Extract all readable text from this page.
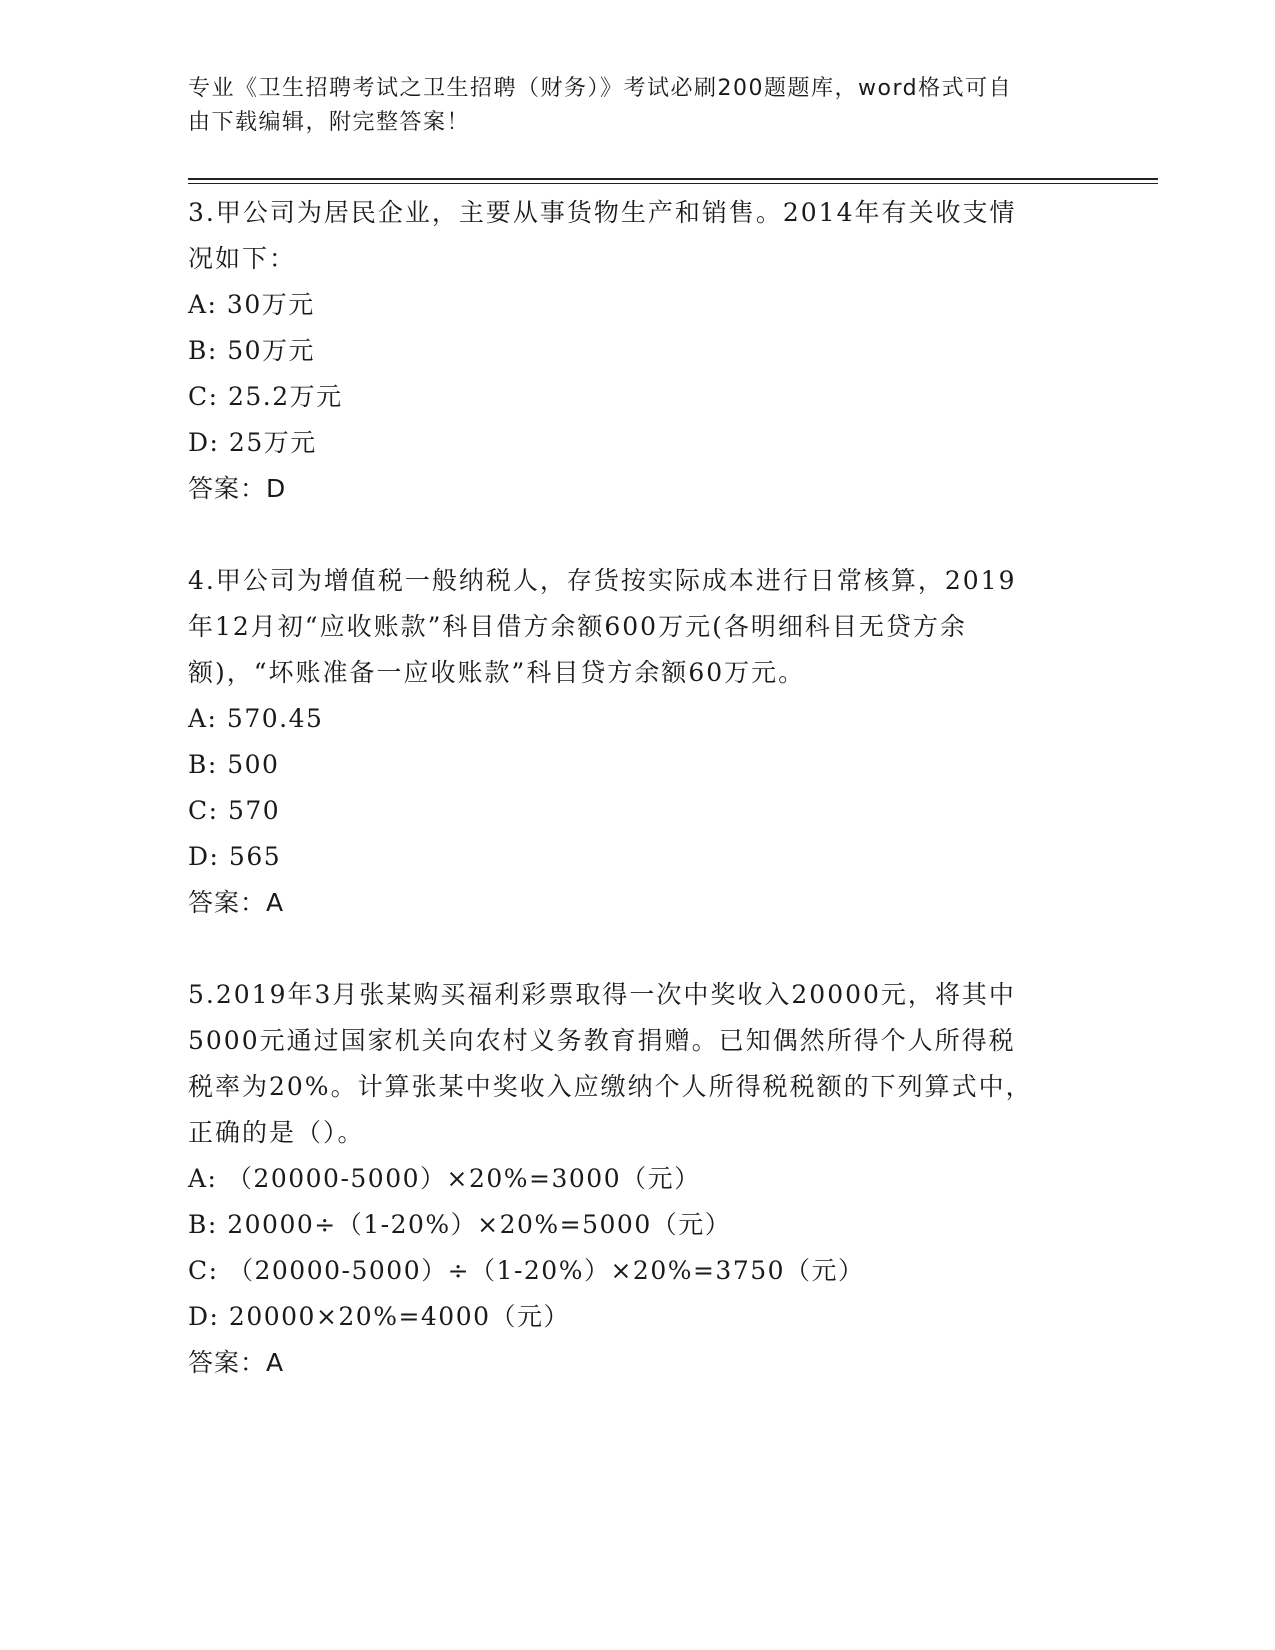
专业《卫生招聘考试之卫生招聘（财务）》考试必刷200题题库，word格式可自
由下载编辑，附完整答案！

3.甲公司为居民企业，主要从事货物生产和销售。2014年有关收支情

况如下：

A: 30万元

B: 50万元

C: 25.2万元

D: 25万元

答案：D

4.甲公司为增值税一般纳税人，存货按实际成本进行日常核算，2019

年12月初“应收账款”科目借方余额600万元(各明细科目无贷方余

额)，“坏账准备一应收账款”科目贷方余额60万元。

A: 570.45

B: 500

C: 570

D: 565

答案：A

5.2019年3月张某购买福利彩票取得一次中奖收入20000元，将其中

5000元通过国家机关向农村义务教育捐赠。已知偶然所得个人所得税

税率为20%。计算张某中奖收入应缴纳个人所得税税额的下列算式中，

正确的是（）。

A: （20000-5000）×20%=3000（元）

B: 20000÷（1-20%）×20%=5000（元）

C: （20000-5000）÷（1-20%）×20%=3750（元）

D: 20000×20%=4000（元）

答案：A
